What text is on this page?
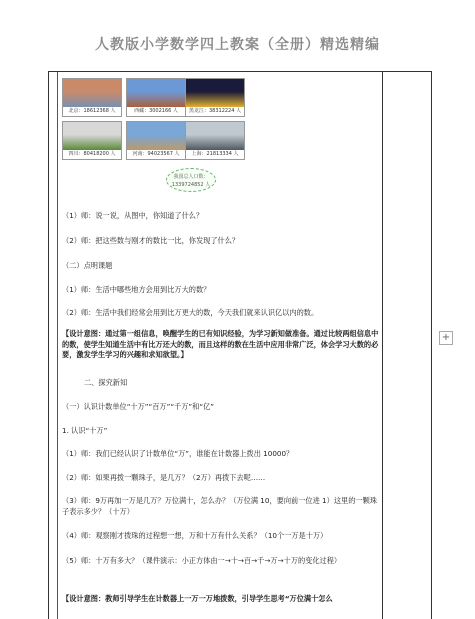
人教版小学数学四上教案（全册）精选精编
+
北京：18612368 人	西藏：3002166 人	黑龙江：38312224 人
四川：80418200 人	河南：94023567 人	上海：21813334 人
我国总人口数：
1339724852 人
（1）师：说一说，从图中，你知道了什么？
（2）师：把这些数与刚才的数比一比，你发现了什么？
（二）点明课题
（1）师：生活中哪些地方会用到比万大的数？
（2）师：生活中我们经常会用到比万更大的数，今天我们就来认识亿以内的数。
【设计意图：通过第一组信息，唤醒学生的已有知识经验，为学习新知做准备。通过比较两组信息中的数，使学生知道生活中有比万还大的数，而且这样的数在生活中应用非常广泛，体会学习大数的必要，激发学生学习的兴趣和求知欲望。】
二、探究新知
（一）认识计数单位“十万”“百万”“千万”和“亿”
1. 认识“十万”
（1）师：我们已经认识了计数单位“万”，谁能在计数器上拨出 10000？
（2）师：如果再拨一颗珠子，是几万？（2万）再拨下去呢……
（3）师：9万再加一万是几万？万位满十，怎么办？（万位满 10，要向前一位进 1）这里的一颗珠子表示多少？（十万）
（4）师：观察刚才拨珠的过程想一想，万和十万有什么关系？（10个一万是十万）
（5）师：十万有多大？（课件演示：小正方体由一→十→百→千→万→十万的变化过程）
【设计意图：教师引导学生在计数器上一万一万地拨数，引导学生思考“万位满十怎么
